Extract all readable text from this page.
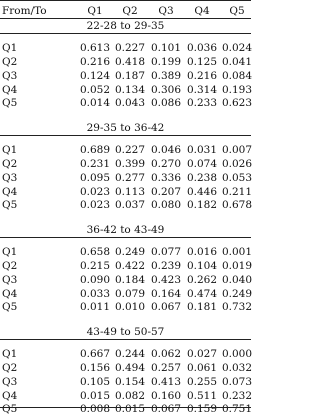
From/To	Q1 Q2 Q3 Q4 Q5
22-28 to 29-35
Q1	0.613 0.227 0.101 0.036 0.024
Q2	0.216 0.418 0.199 0.125 0.041
Q3	0.124 0.187 0.389 0.216 0.084
Q4	0.052 0.134 0.306 0.314 0.193
Q5	0.014 0.043 0.086 0.233 0.623
29-35 to 36-42
Q1	0.689 0.227 0.046 0.031 0.007
Q2	0.231 0.399 0.270 0.074 0.026
Q3	0.095 0.277 0.336 0.238 0.053
Q4	0.023 0.113 0.207 0.446 0.211
Q5	0.023 0.037 0.080 0.182 0.678
36-42 to 43-49
Q1	0.658 0.249 0.077 0.016 0.001
Q2	0.215 0.422 0.239 0.104 0.019
Q3	0.090 0.184 0.423 0.262 0.040
Q4	0.033 0.079 0.164 0.474 0.249
Q5	0.011 0.010 0.067 0.181 0.732
43-49 to 50-57
Q1	0.667 0.244 0.062 0.027 0.000
Q2	0.156 0.494 0.257 0.061 0.032
Q3	0.105 0.154 0.413 0.255 0.073
Q4	0.015 0.082 0.160 0.511 0.232
Q5	0.008 0.015 0.067 0.159 0.751
